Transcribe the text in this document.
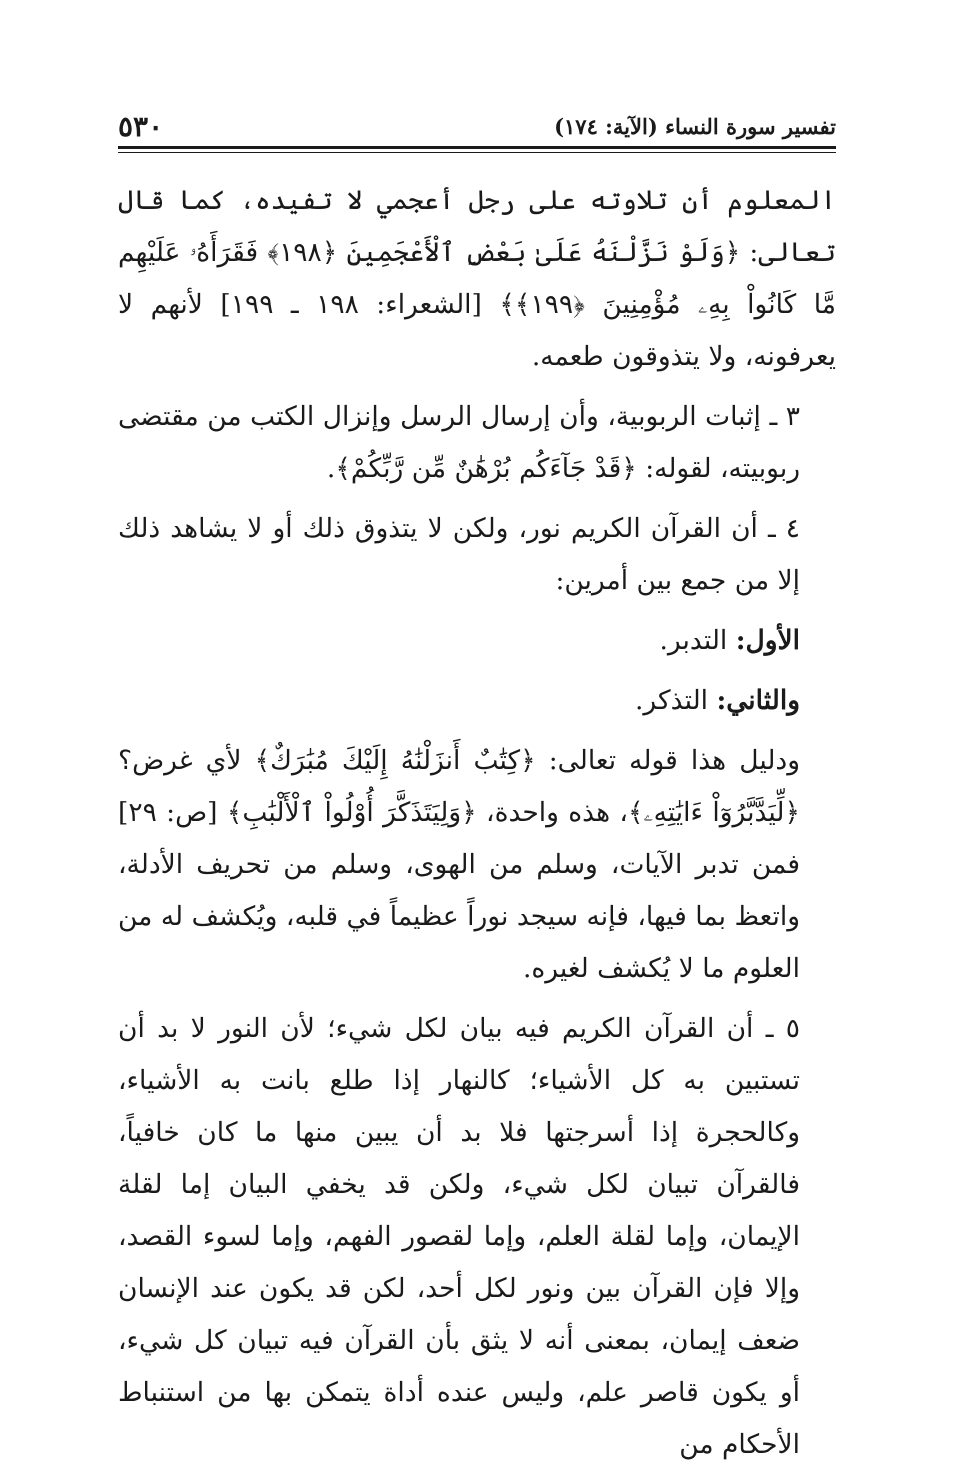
تفسير سورة النساء (الآية: ١٧٤)
٥٣٠

المعلوم أن تلاوته على رجل أعجمي لا تفيده، كما قال تعالى: ﴿وَلَوْ نَزَّلْنَهُ عَلَىٰ بَعْضِ ٱلْأَعْجَمِينَ ﴿١٩٨﴾ فَقَرَأَهُۥ عَلَيْهِم مَّا كَانُواْ بِهِۦ مُؤْمِنِينَ ﴿١٩٩﴾﴾ [الشعراء: ١٩٨ ـ ١٩٩] لأنهم لا يعرفونه، ولا يتذوقون طعمه.

٣ ـ إثبات الربوبية، وأن إرسال الرسل وإنزال الكتب من مقتضى ربوبيته، لقوله: ﴿قَدْ جَآءَكُم بُرْهَٰنٌ مِّن رَّبِّكُمْ﴾.

٤ ـ أن القرآن الكريم نور، ولكن لا يتذوق ذلك أو لا يشاهد ذلك إلا من جمع بين أمرين:

الأول: التدبر.

والثاني: التذكر.

ودليل هذا قوله تعالى: ﴿كِتَٰبٌ أَنزَلْنَٰهُ إِلَيْكَ مُبَٰرَكٌ﴾ لأي غرض؟ ﴿لِّيَدَّبَّرُوٓاْ ءَايَٰتِهِۦ﴾، هذه واحدة، ﴿وَلِيَتَذَكَّرَ أُوْلُواْ ٱلْأَلْبَٰبِ﴾ [ص: ٢٩] فمن تدبر الآيات، وسلم من الهوى، وسلم من تحريف الأدلة، واتعظ بما فيها، فإنه سيجد نوراً عظيماً في قلبه، ويُكشف له من العلوم ما لا يُكشف لغيره.

٥ ـ أن القرآن الكريم فيه بيان لكل شيء؛ لأن النور لا بد أن تستبين به كل الأشياء؛ كالنهار إذا طلع بانت به الأشياء، وكالحجرة إذا أسرجتها فلا بد أن يبين منها ما كان خافياً، فالقرآن تبيان لكل شيء، ولكن قد يخفي البيان إما لقلة الإيمان، وإما لقلة العلم، وإما لقصور الفهم، وإما لسوء القصد، وإلا فإن القرآن بين ونور لكل أحد، لكن قد يكون عند الإنسان ضعف إيمان، بمعنى أنه لا يثق بأن القرآن فيه تبيان كل شيء، أو يكون قاصر علم، وليس عنده أداة يتمكن بها من استنباط الأحكام من
